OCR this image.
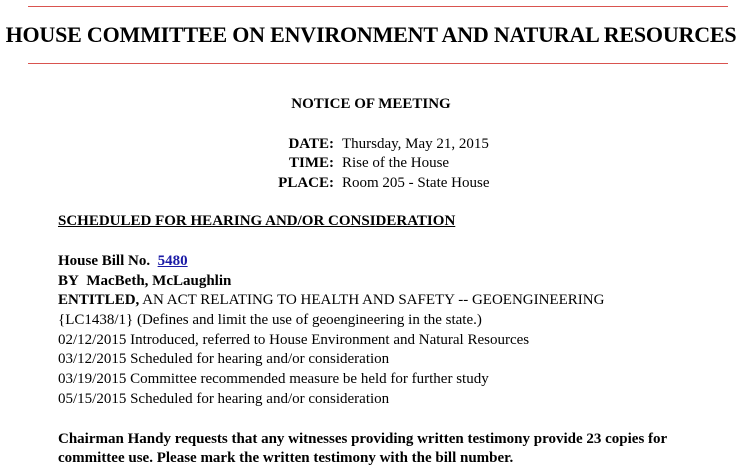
HOUSE COMMITTEE ON ENVIRONMENT AND NATURAL RESOURCES
NOTICE OF MEETING
DATE: Thursday, May 21, 2015
TIME: Rise of the House
PLACE: Room 205 - State House
SCHEDULED FOR HEARING AND/OR CONSIDERATION
House Bill No. 5480
BY MacBeth, McLaughlin
ENTITLED, AN ACT RELATING TO HEALTH AND SAFETY -- GEOENGINEERING
{LC1438/1} (Defines and limit the use of geoengineering in the state.)
02/12/2015 Introduced, referred to House Environment and Natural Resources
03/12/2015 Scheduled for hearing and/or consideration
03/19/2015 Committee recommended measure be held for further study
05/15/2015 Scheduled for hearing and/or consideration
Chairman Handy requests that any witnesses providing written testimony provide 23 copies for committee use. Please mark the written testimony with the bill number.
